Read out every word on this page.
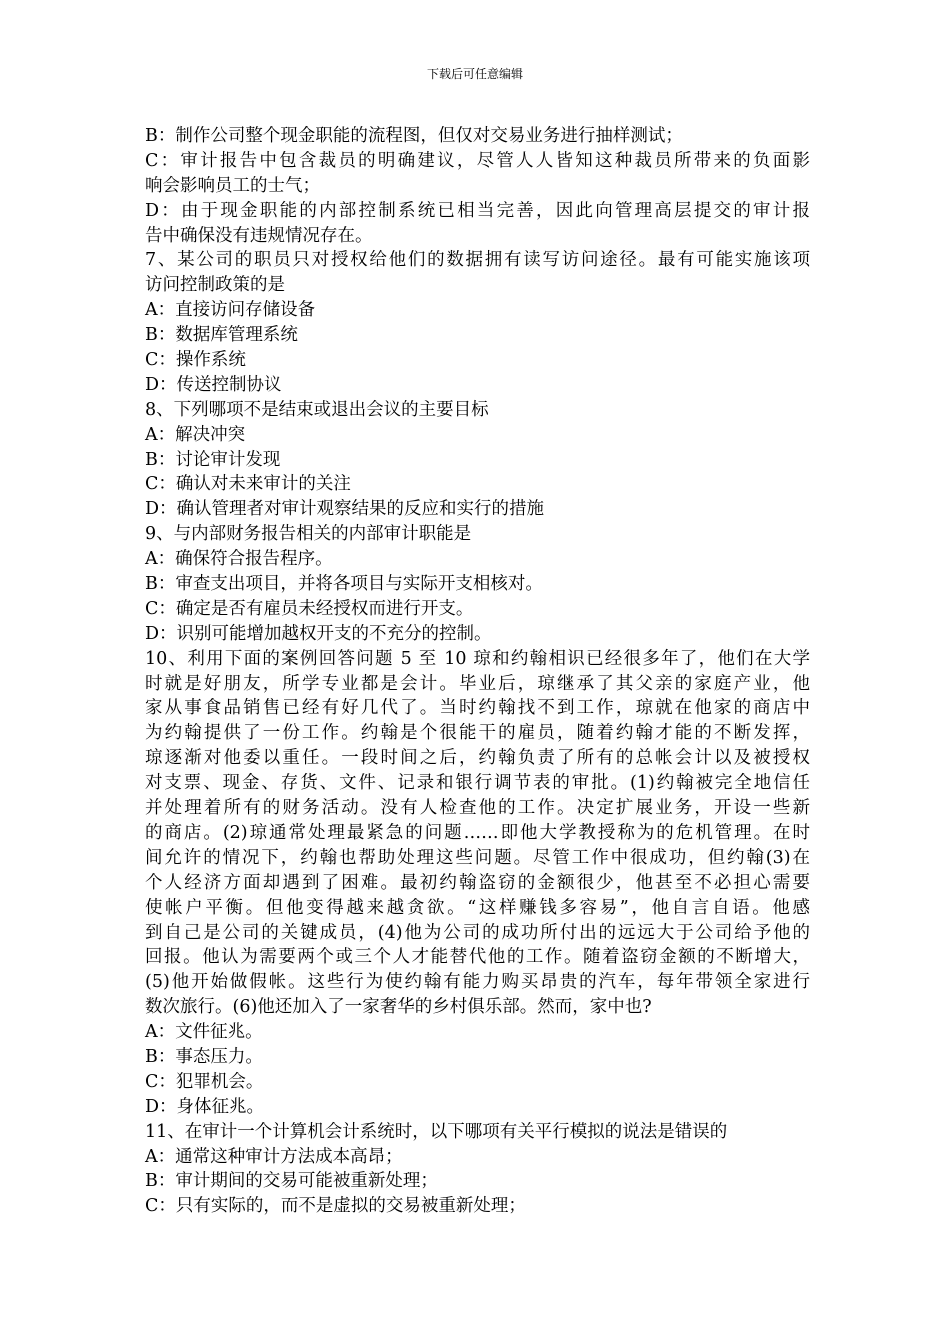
下载后可任意编辑
B：制作公司整个现金职能的流程图，但仅对交易业务进行抽样测试；
C：审计报告中包含裁员的明确建议，尽管人人皆知这种裁员所带来的负面影
响会影响员工的士气；
D：由于现金职能的内部控制系统已相当完善，因此向管理高层提交的审计报
告中确保没有违规情况存在。
7、某公司的职员只对授权给他们的数据拥有读写访问途径。最有可能实施该项
访问控制政策的是
A：直接访问存储设备
B：数据库管理系统
C：操作系统
D：传送控制协议
8、下列哪项不是结束或退出会议的主要目标
A：解决冲突
B：讨论审计发现
C：确认对未来审计的关注
D：确认管理者对审计观察结果的反应和实行的措施
9、与内部财务报告相关的内部审计职能是
A：确保符合报告程序。
B：审查支出项目，并将各项目与实际开支相核对。
C：确定是否有雇员未经授权而进行开支。
D：识别可能增加越权开支的不充分的控制。
10、利用下面的案例回答问题 5 至 10 琼和约翰相识已经很多年了，他们在大学
时就是好朋友，所学专业都是会计。毕业后，琼继承了其父亲的家庭产业，他
家从事食品销售已经有好几代了。当时约翰找不到工作，琼就在他家的商店中
为约翰提供了一份工作。约翰是个很能干的雇员，随着约翰才能的不断发挥，
琼逐渐对他委以重任。一段时间之后，约翰负责了所有的总帐会计以及被授权
对支票、现金、存货、文件、记录和银行调节表的审批。(1)约翰被完全地信任
并处理着所有的财务活动。没有人检查他的工作。决定扩展业务，开设一些新
的商店。(2)琼通常处理最紧急的问题……即他大学教授称为的危机管理。在时
间允许的情况下，约翰也帮助处理这些问题。尽管工作中很成功，但约翰(3)在
个人经济方面却遇到了困难。最初约翰盗窃的金额很少，他甚至不必担心需要
使帐户平衡。但他变得越来越贪欲。“这样赚钱多容易”，他自言自语。他感
到自己是公司的关键成员，(4)他为公司的成功所付出的远远大于公司给予他的
回报。他认为需要两个或三个人才能替代他的工作。随着盗窃金额的不断增大，
(5)他开始做假帐。这些行为使约翰有能力购买昂贵的汽车，每年带领全家进行
数次旅行。(6)他还加入了一家奢华的乡村俱乐部。然而，家中也?
A：文件征兆。
B：事态压力。
C：犯罪机会。
D：身体征兆。
11、在审计一个计算机会计系统时，以下哪项有关平行模拟的说法是错误的
A：通常这种审计方法成本高昂；
B：审计期间的交易可能被重新处理；
C：只有实际的，而不是虚拟的交易被重新处理；
